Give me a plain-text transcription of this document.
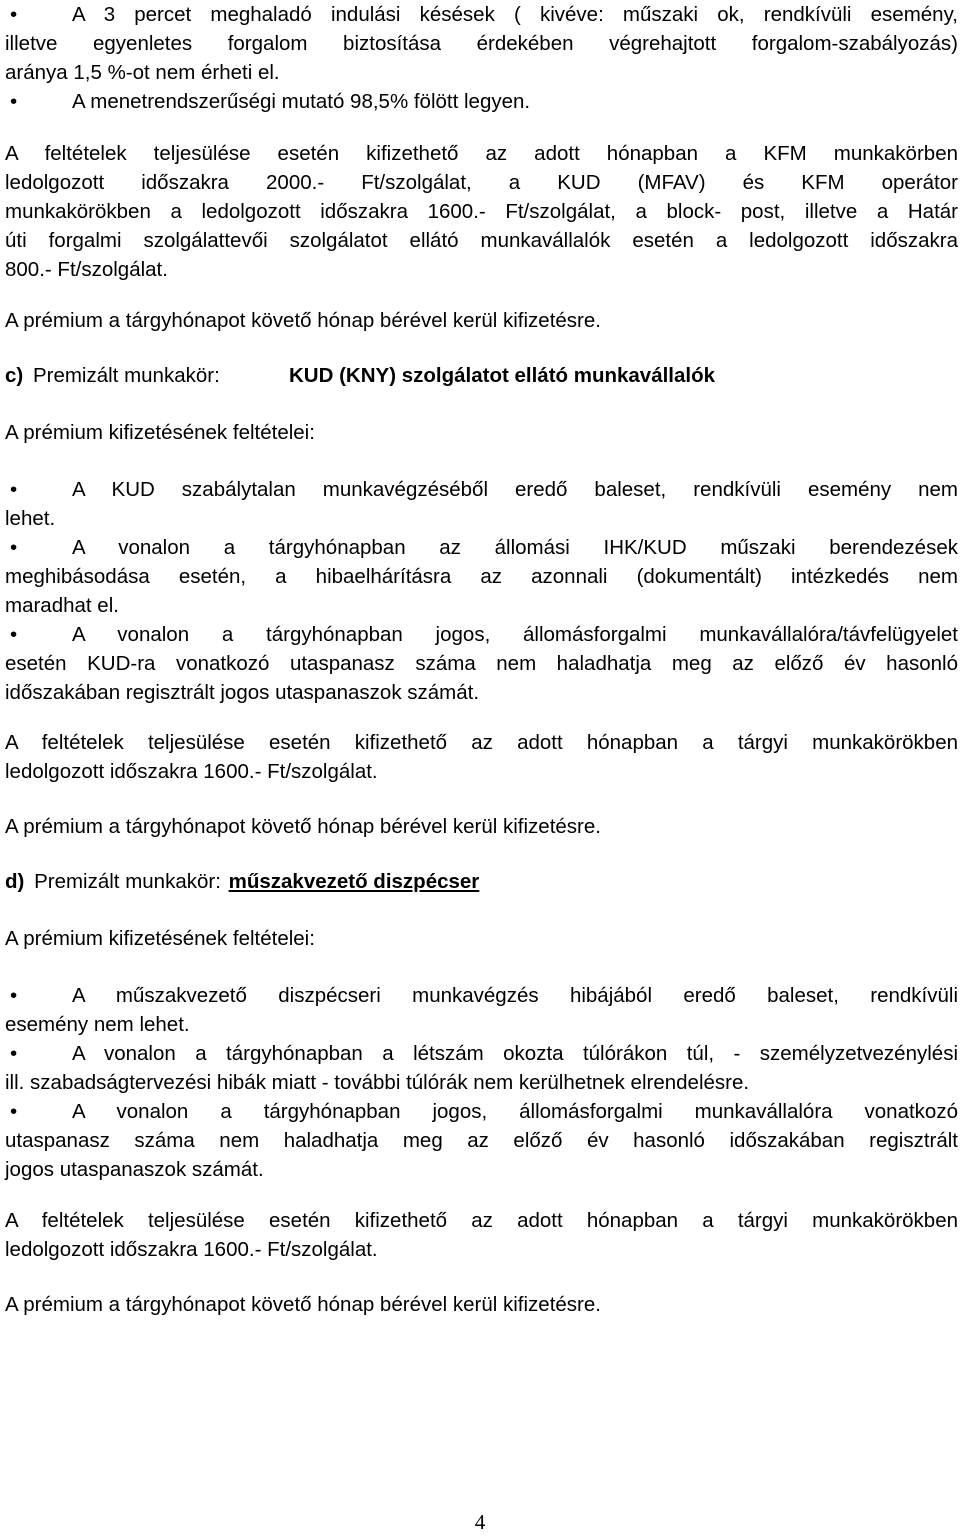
•	A 3 percet meghaladó indulási késések ( kivéve: műszaki ok, rendkívüli esemény,
illetve egyenletes forgalom biztosítása érdekében végrehajtott forgalom-szabályozás)
aránya 1,5 %-ot nem érheti el.
•	A menetrendszerűségi mutató 98,5% fölött legyen.
A feltételek teljesülése esetén kifizethető az adott hónapban a KFM munkakörben
ledolgozott időszakra 2000.- Ft/szolgálat, a KUD (MFAV) és KFM operátor
munkakörökben a ledolgozott időszakra 1600.- Ft/szolgálat, a block- post, illetve a Határ
úti forgalmi szolgálattevői szolgálatot ellátó munkavállalók esetén a ledolgozott időszakra
800.- Ft/szolgálat.
A prémium a tárgyhónapot követő hónap bérével kerül kifizetésre.
c) Premizált munkakör:	KUD (KNY) szolgálatot ellátó munkavállalók
A prémium kifizetésének feltételei:
•	A KUD szabálytalan munkavégzéséből eredő baleset, rendkívüli esemény nem
lehet.
•	A vonalon a tárgyhónapban az állomási IHK/KUD műszaki berendezések
meghibásodása esetén, a hibaelhárításra az azonnali (dokumentált) intézkedés nem
maradhat el.
•	A vonalon a tárgyhónapban jogos, állomásforgalmi munkavállalóra/távfelügyelet
esetén KUD-ra vonatkozó utaspanasz száma nem haladhatja meg az előző év hasonló
időszakában regisztrált jogos utaspanaszok számát.
A feltételek teljesülése esetén kifizethető az adott hónapban a tárgyi munkakörökben
ledolgozott időszakra 1600.- Ft/szolgálat.
A prémium a tárgyhónapot követő hónap bérével kerül kifizetésre.
d) Premizált munkakör: műszakvezető diszpécser
A prémium kifizetésének feltételei:
•	A műszakvezető diszpécseri munkavégzés hibájából eredő baleset, rendkívüli
esemény nem lehet.
•	A vonalon a tárgyhónapban a létszám okozta túlórákon túl, - személyzetvezénylési
ill. szabadságtervezési hibák miatt - további túlórák nem kerülhetnek elrendelésre.
•	A vonalon a tárgyhónapban jogos, állomásforgalmi munkavállalóra vonatkozó
utaspanasz száma nem haladhatja meg az előző év hasonló időszakában regisztrált
jogos utaspanaszok számát.
A feltételek teljesülése esetén kifizethető az adott hónapban a tárgyi munkakörökben
ledolgozott időszakra 1600.- Ft/szolgálat.
A prémium a tárgyhónapot követő hónap bérével kerül kifizetésre.
4
